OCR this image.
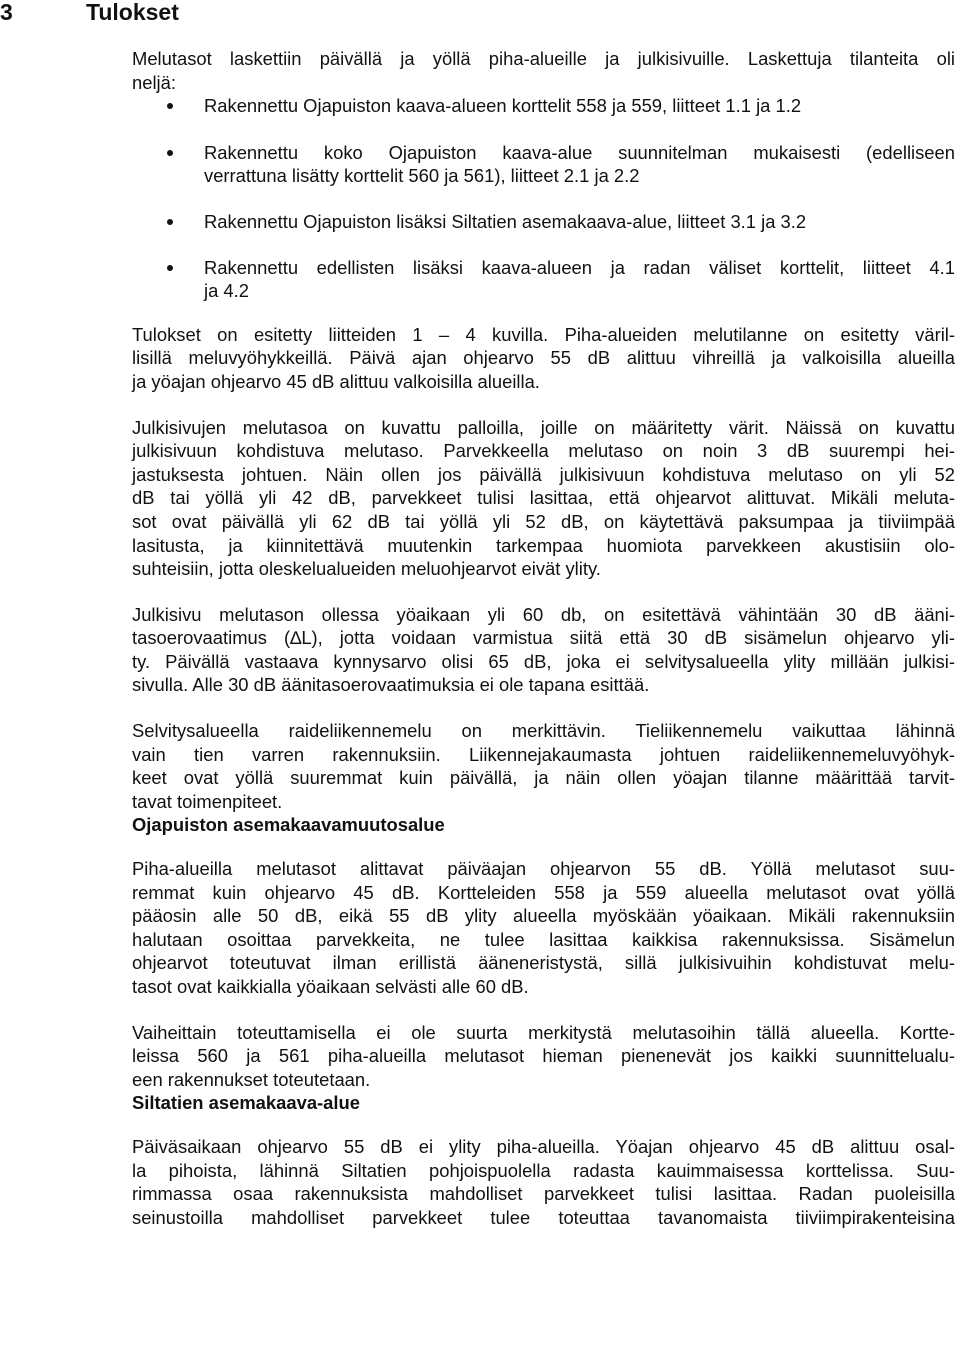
3	Tulokset

Melutasot laskettiin päivällä ja yöllä piha-alueille ja julkisivuille. Laskettuja tilanteita oli
neljä:

Rakennettu Ojapuiston kaava-alueen korttelit 558 ja 559, liitteet 1.1 ja 1.2
Rakennettu koko Ojapuiston kaava-alue suunnitelman mukaisesti (edelliseen
verrattuna lisätty korttelit 560 ja 561), liitteet 2.1 ja 2.2
Rakennettu Ojapuiston lisäksi Siltatien asemakaava-alue, liitteet 3.1 ja 3.2
Rakennettu edellisten lisäksi kaava-alueen ja radan väliset korttelit, liitteet 4.1
ja 4.2

Tulokset on esitetty liitteiden 1 – 4 kuvilla. Piha-alueiden melutilanne on esitetty väril-
lisillä meluvyöhykkeillä. Päivä ajan ohjearvo 55 dB alittuu vihreillä ja valkoisilla alueilla
ja yöajan ohjearvo 45 dB alittuu valkoisilla alueilla.

Julkisivujen melutasoa on kuvattu palloilla, joille on määritetty värit. Näissä on kuvattu
julkisivuun kohdistuva melutaso. Parvekkeella melutaso on noin 3 dB suurempi hei-
jastuksesta johtuen. Näin ollen jos päivällä julkisivuun kohdistuva melutaso on yli 52
dB tai yöllä yli 42 dB, parvekkeet tulisi lasittaa, että ohjearvot alittuvat. Mikäli meluta-
sot ovat päivällä yli 62 dB tai yöllä yli 52 dB, on käytettävä paksumpaa ja tiiviimpää
lasitusta, ja kiinnitettävä muutenkin tarkempaa huomiota parvekkeen akustisiin olo-
suhteisiin, jotta oleskelualueiden meluohjearvot eivät ylity.

Julkisivu melutason ollessa yöaikaan yli 60 db, on esitettävä vähintään 30 dB ääni-
tasoerovaatimus (∆L), jotta voidaan varmistua siitä että 30 dB sisämelun ohjearvo yli-
ty. Päivällä vastaava kynnysarvo olisi 65 dB, joka ei selvitysalueella ylity millään julkisi-
sivulla. Alle 30 dB äänitasoerovaatimuksia ei ole tapana esittää.

Selvitysalueella raideliikennemelu on merkittävin. Tieliikennemelu vaikuttaa lähinnä
vain tien varren rakennuksiin. Liikennejakaumasta johtuen raideliikennemeluvyöhyk-
keet ovat yöllä suuremmat kuin päivällä, ja näin ollen yöajan tilanne määrittää tarvit-
tavat toimenpiteet.

Ojapuiston asemakaavamuutosalue

Piha-alueilla melutasot alittavat päiväajan ohjearvon 55 dB. Yöllä melutasot suu-
remmat kuin ohjearvo 45 dB. Kortteleiden 558 ja 559 alueella melutasot ovat yöllä
pääosin alle 50 dB, eikä 55 dB ylity alueella myöskään yöaikaan. Mikäli rakennuksiin
halutaan osoittaa parvekkeita, ne tulee lasittaa kaikkisa rakennuksissa. Sisämelun
ohjearvot toteutuvat ilman erillistä ääneneristystä, sillä julkisivuihin kohdistuvat melu-
tasot ovat kaikkialla yöaikaan selvästi alle 60 dB.

Vaiheittain toteuttamisella ei ole suurta merkitystä melutasoihin tällä alueella. Kortte-
leissa 560 ja 561 piha-alueilla melutasot hieman pienenevät jos kaikki suunnittelualu-
een rakennukset toteutetaan.

Siltatien asemakaava-alue

Päiväsaikaan ohjearvo 55 dB ei ylity piha-alueilla. Yöajan ohjearvo 45 dB alittuu osal-
la pihoista, lähinnä Siltatien pohjoispuolella radasta kauimmaisessa korttelissa. Suu-
rimmassa osaa rakennuksista mahdolliset parvekkeet tulisi lasittaa. Radan puoleisilla
seinustoilla mahdolliset parvekkeet tulee toteuttaa tavanomaista tiiviimpirakenteisina
